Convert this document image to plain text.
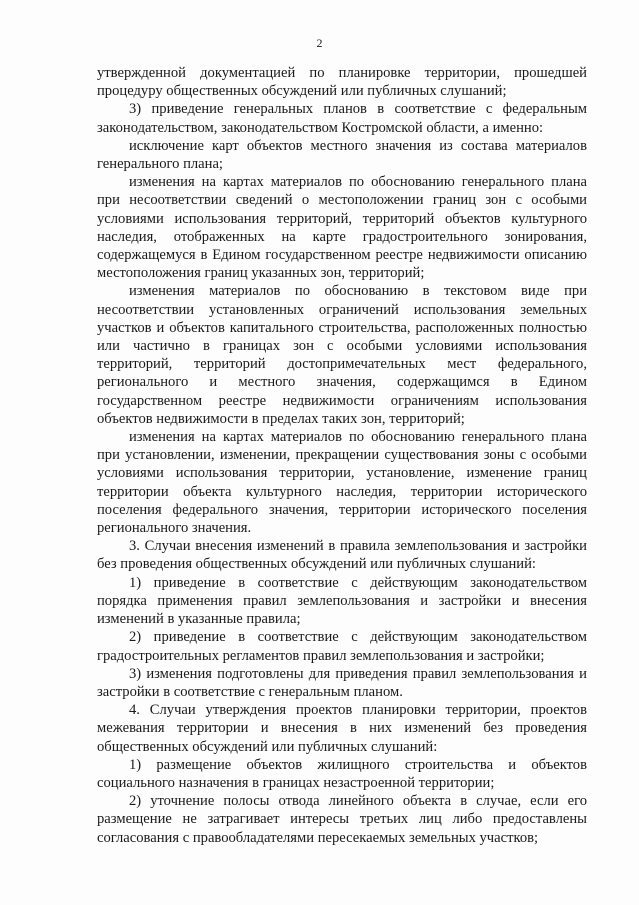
2

утвержденной документацией по планировке территории, прошедшей процедуру общественных обсуждений или публичных слушаний;

3) приведение генеральных планов в соответствие с федеральным законодательством, законодательством Костромской области, а именно:

исключение карт объектов местного значения из состава материалов генерального плана;

изменения на картах материалов по обоснованию генерального плана при несоответствии сведений о местоположении границ зон с особыми условиями использования территорий, территорий объектов культурного наследия, отображенных на карте градостроительного зонирования, содержащемуся в Едином государственном реестре недвижимости описанию местоположения границ указанных зон, территорий;

изменения материалов по обоснованию в текстовом виде при несоответствии установленных ограничений использования земельных участков и объектов капитального строительства, расположенных полностью или частично в границах зон с особыми условиями использования территорий, территорий достопримечательных мест федерального, регионального и местного значения, содержащимся в Едином государственном реестре недвижимости ограничениям использования объектов недвижимости в пределах таких зон, территорий;

изменения на картах материалов по обоснованию генерального плана при установлении, изменении, прекращении существования зоны с особыми условиями использования территории, установление, изменение границ территории объекта культурного наследия, территории исторического поселения федерального значения, территории исторического поселения регионального значения.

3. Случаи внесения изменений в правила землепользования и застройки без проведения общественных обсуждений или публичных слушаний:

1) приведение в соответствие с действующим законодательством порядка применения правил землепользования и застройки и внесения изменений в указанные правила;

2) приведение в соответствие с действующим законодательством градостроительных регламентов правил землепользования и застройки;

3) изменения подготовлены для приведения правил землепользования и застройки в соответствие с генеральным планом.

4. Случаи утверждения проектов планировки территории, проектов межевания территории и внесения в них изменений без проведения общественных обсуждений или публичных слушаний:

1) размещение объектов жилищного строительства и объектов социального назначения в границах незастроенной территории;

2) уточнение полосы отвода линейного объекта в случае, если его размещение не затрагивает интересы третьих лиц либо предоставлены согласования с правообладателями пересекаемых земельных участков;
